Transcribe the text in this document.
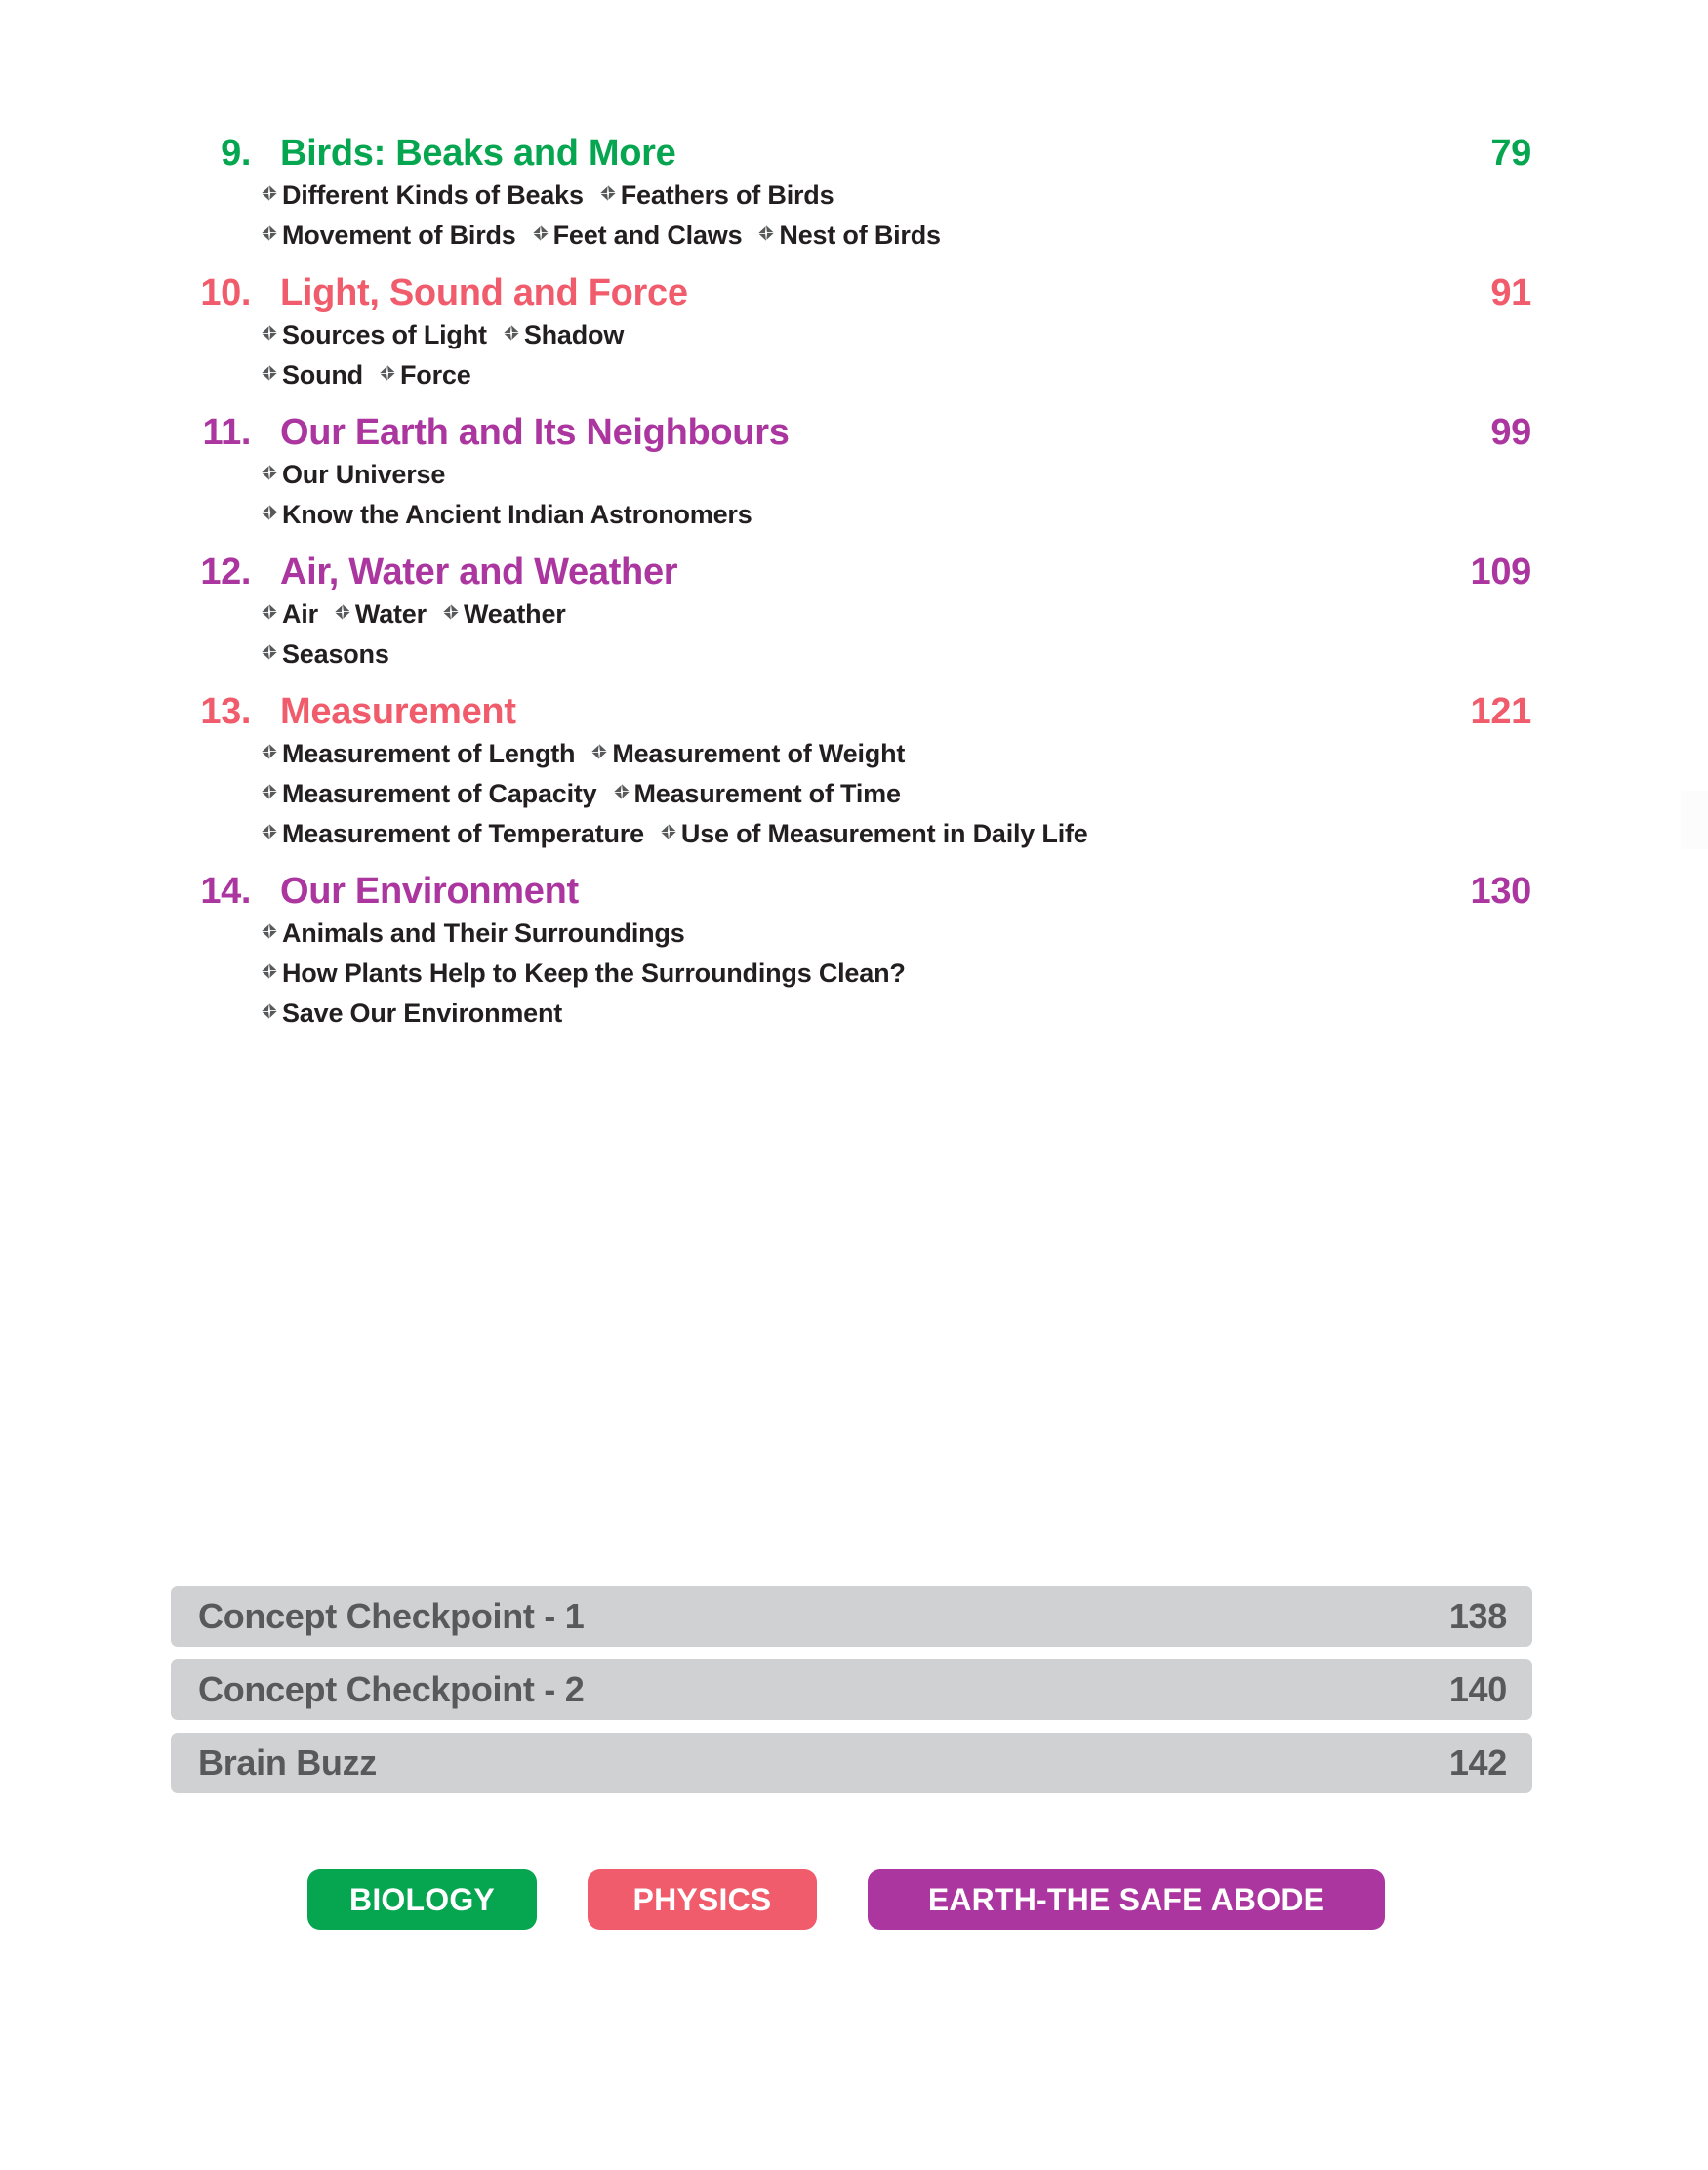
9. Birds: Beaks and More	79
Different Kinds of Beaks Feathers of Birds
Movement of Birds Feet and Claws Nest of Birds
10. Light, Sound and Force	91
Sources of Light Shadow
Sound Force
11. Our Earth and Its Neighbours	99
Our Universe
Know the Ancient Indian Astronomers
12. Air, Water and Weather	109
Air Water Weather
Seasons
13. Measurement	121
Measurement of Length Measurement of Weight
Measurement of Capacity Measurement of Time
Measurement of Temperature Use of Measurement in Daily Life
14. Our Environment	130
Animals and Their Surroundings
How Plants Help to Keep the Surroundings Clean?
Save Our Environment
Concept Checkpoint - 1	138
Concept Checkpoint - 2	140
Brain Buzz	142
BIOLOGY	PHYSICS	EARTH-THE SAFE ABODE
